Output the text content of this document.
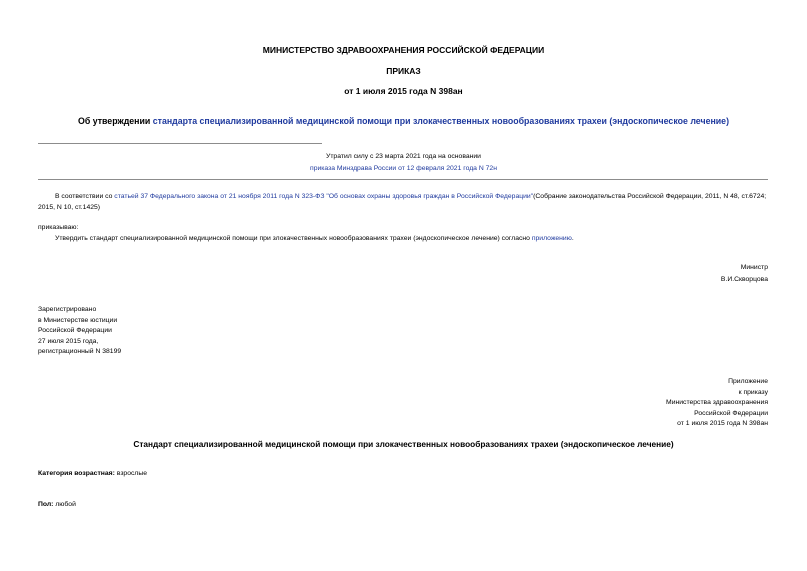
МИНИСТЕРСТВО ЗДРАВООХРАНЕНИЯ РОССИЙСКОЙ ФЕДЕРАЦИИ
ПРИКАЗ
от 1 июля 2015 года N 398ан
Об утверждении стандарта специализированной медицинской помощи при злокачественных новообразованиях трахеи (эндоскопическое лечение)
Утратил силу с 23 марта 2021 года на основании
приказа Минздрава России от 12 февраля 2021 года N 72н
В соответствии со статьей 37 Федерального закона от 21 ноября 2011 года N 323-ФЗ "Об основах охраны здоровья граждан в Российской Федерации"(Собрание законодательства Российской Федерации, 2011, N 48, ст.6724; 2015, N 10, ст.1425)
приказываю:
Утвердить стандарт специализированной медицинской помощи при злокачественных новообразованиях трахеи (эндоскопическое лечение) согласно приложению.
Министр
В.И.Скворцова
Зарегистрировано
в Министерстве юстиции
Российской Федерации
27 июля 2015 года,
регистрационный N 38199
Приложение
к приказу
Министерства здравоохранения
Российской Федерации
от 1 июля 2015 года N 398ан
Стандарт специализированной медицинской помощи при злокачественных новообразованиях трахеи (эндоскопическое лечение)
Категория возрастная: взрослые
Пол: любой
